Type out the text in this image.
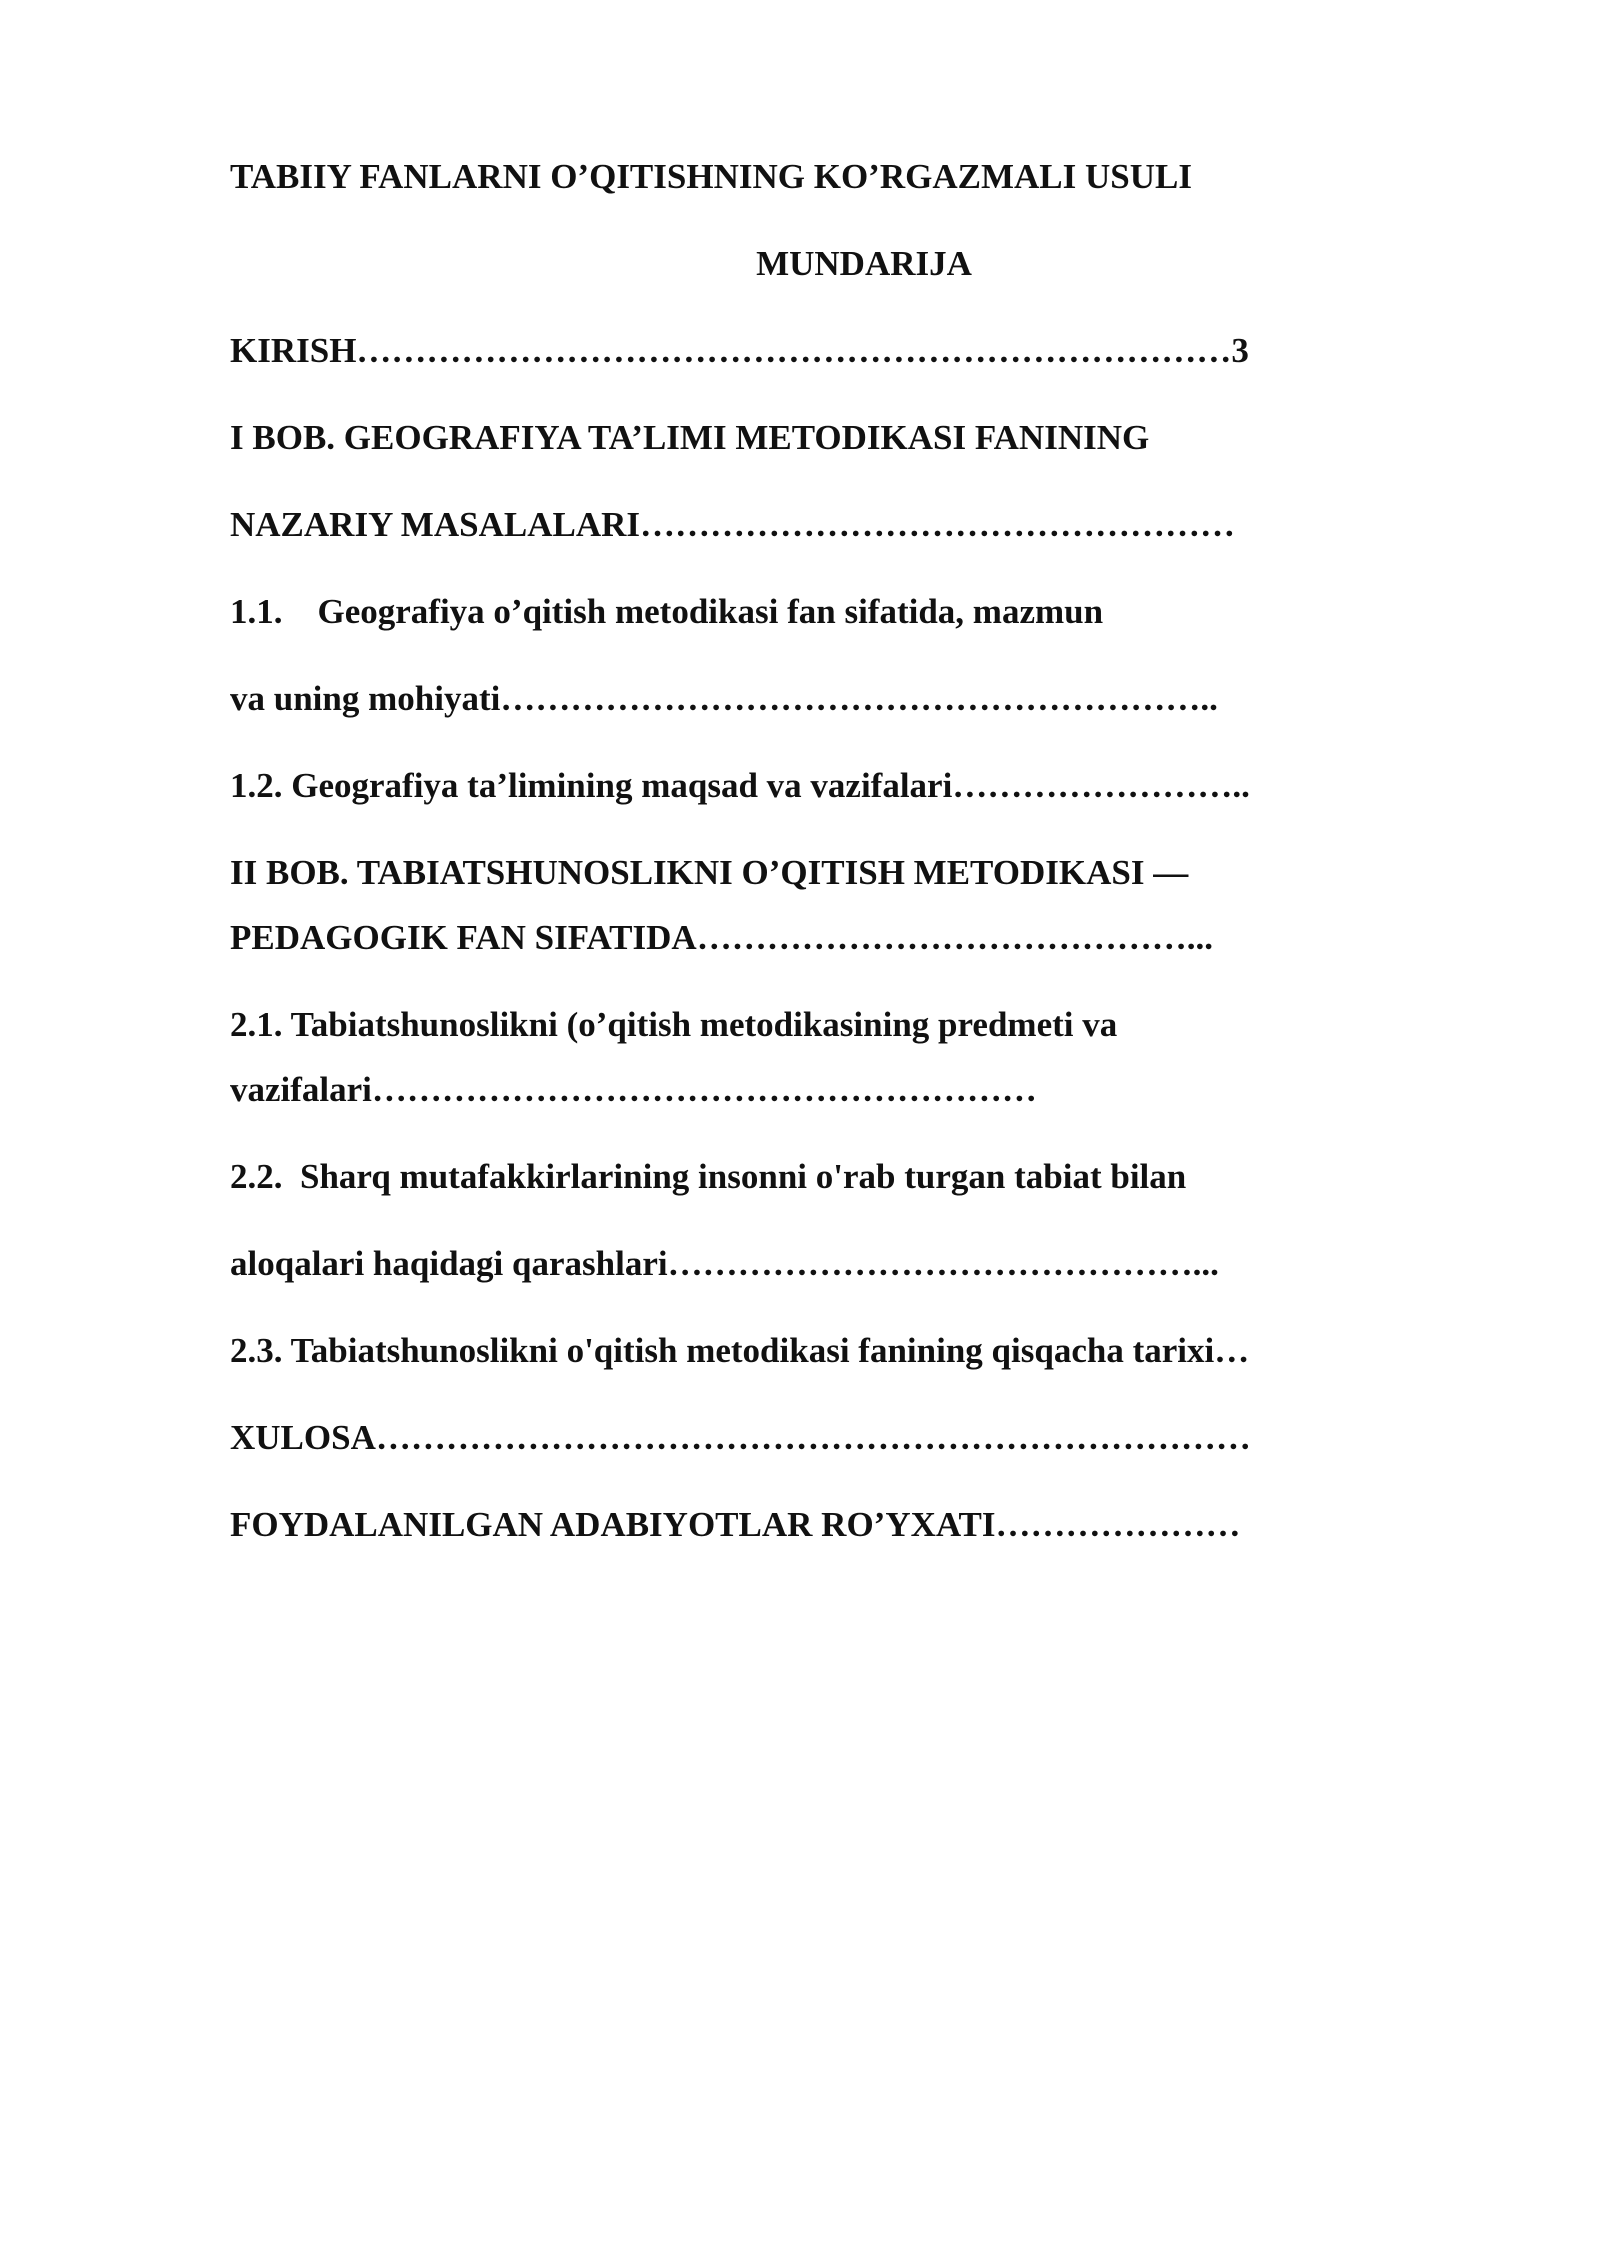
TABIIY FANLARNI O’QITISHNING KO’RGAZMALI USULI

MUNDARIJA

KIRISH…………………………………………………………………3

I BOB. GEOGRAFIYA TA’LIMI METODIKASI FANINING

NAZARIY MASALALARI……………………………………………

1.1.    Geografiya o’qitish metodikasi fan sifatida, mazmun

va uning mohiyati……………………………………………………..

1.2. Geografiya ta’limining maqsad va vazifalari……………………..

II BOB. TABIATSHUNOSLIKNI O’QITISH METODIKASI —

PEDAGOGIK FAN SIFATIDA……………………………………...

2.1. Tabiatshunoslikni (o’qitish metodikasining predmeti va

vazifalari…………………………………………………

2.2.  Sharq mutafakkirlarining insonni o'rab turgan tabiat bilan

aloqalari haqidagi qarashlari………………………………………...

2.3. Tabiatshunoslikni o'qitish metodikasi fanining qisqacha tarixi…

XULOSA…………………………………………………………………

FOYDALANILGAN ADABIYOTLAR RO’YXATI…………………
